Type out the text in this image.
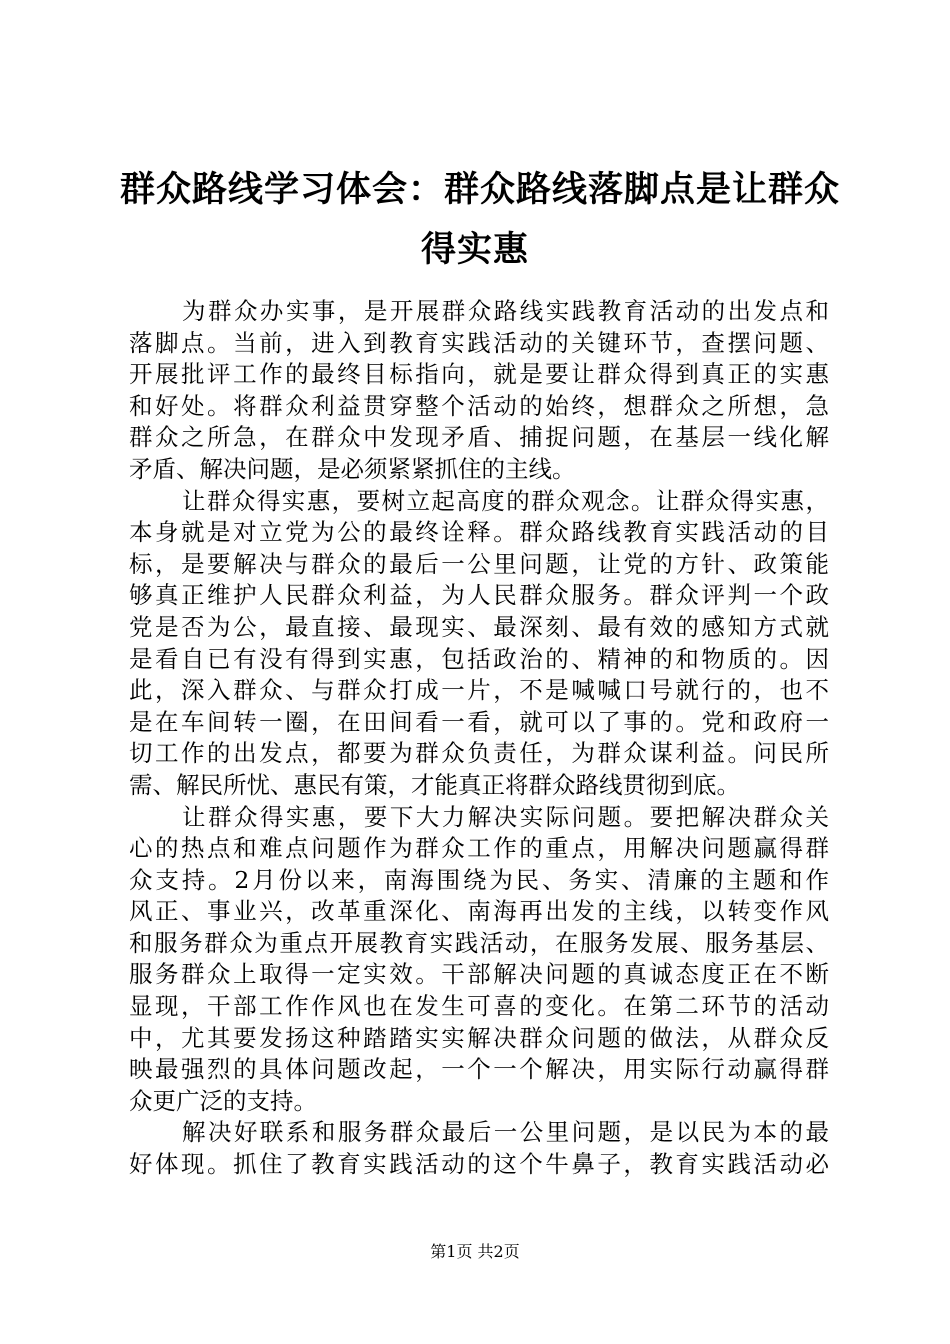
群众路线学习体会：群众路线落脚点是让群众
得实惠

为群众办实事，是开展群众路线实践教育活动的出发点和
落脚点。当前，进入到教育实践活动的关键环节，查摆问题、
开展批评工作的最终目标指向，就是要让群众得到真正的实惠
和好处。将群众利益贯穿整个活动的始终，想群众之所想，急
群众之所急，在群众中发现矛盾、捕捉问题，在基层一线化解
矛盾、解决问题，是必须紧紧抓住的主线。

让群众得实惠，要树立起高度的群众观念。让群众得实惠，
本身就是对立党为公的最终诠释。群众路线教育实践活动的目
标，是要解决与群众的最后一公里问题，让党的方针、政策能
够真正维护人民群众利益，为人民群众服务。群众评判一个政
党是否为公，最直接、最现实、最深刻、最有效的感知方式就
是看自已有没有得到实惠，包括政治的、精神的和物质的。因
此，深入群众、与群众打成一片，不是喊喊口号就行的，也不
是在车间转一圈，在田间看一看，就可以了事的。党和政府一
切工作的出发点，都要为群众负责任，为群众谋利益。问民所
需、解民所忧、惠民有策，才能真正将群众路线贯彻到底。

让群众得实惠，要下大力解决实际问题。要把解决群众关
心的热点和难点问题作为群众工作的重点，用解决问题赢得群
众支持。2月份以来，南海围绕为民、务实、清廉的主题和作
风正、事业兴，改革重深化、南海再出发的主线，以转变作风
和服务群众为重点开展教育实践活动，在服务发展、服务基层、
服务群众上取得一定实效。干部解决问题的真诚态度正在不断
显现，干部工作作风也在发生可喜的变化。在第二环节的活动
中，尤其要发扬这种踏踏实实解决群众问题的做法，从群众反
映最强烈的具体问题改起，一个一个解决，用实际行动赢得群
众更广泛的支持。

解决好联系和服务群众最后一公里问题，是以民为本的最
好体现。抓住了教育实践活动的这个牛鼻子，教育实践活动必

第1页 共2页
